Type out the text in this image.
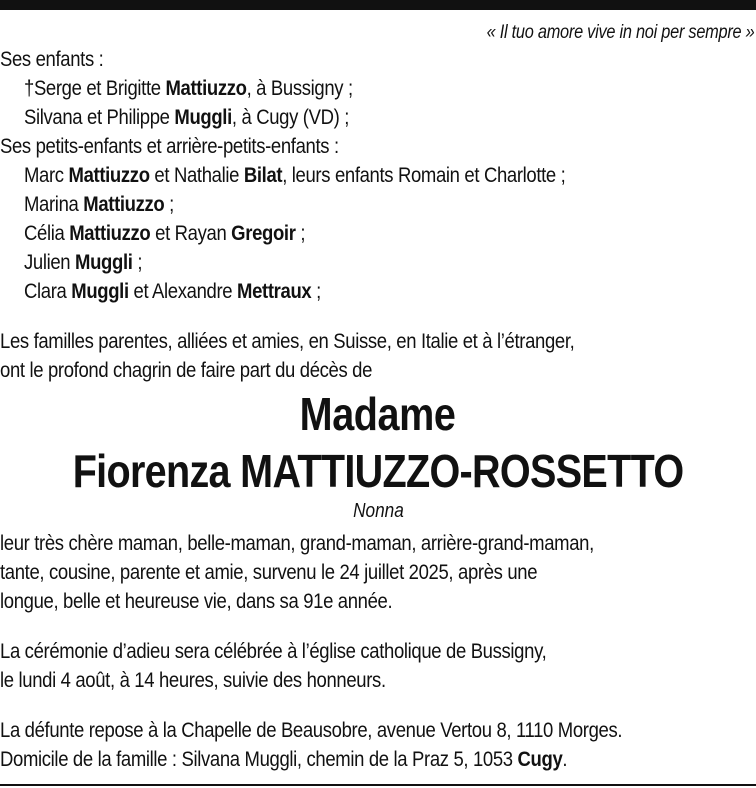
« Il tuo amore vive in noi per sempre »
Ses enfants :
†Serge et Brigitte Mattiuzzo, à Bussigny ;
Silvana et Philippe Muggli, à Cugy (VD) ;
Ses petits-enfants et arrière-petits-enfants :
Marc Mattiuzzo et Nathalie Bilat, leurs enfants Romain et Charlotte ;
Marina Mattiuzzo ;
Célia Mattiuzzo et Rayan Gregoir ;
Julien Muggli ;
Clara Muggli et Alexandre Mettraux ;
Les familles parentes, alliées et amies, en Suisse, en Italie et à l’étranger,
ont le profond chagrin de faire part du décès de
Madame
Fiorenza MATTIUZZO-ROSSETTO
Nonna
leur très chère maman, belle-maman, grand-maman, arrière-grand-maman,
tante, cousine, parente et amie, survenu le 24 juillet 2025, après une
longue, belle et heureuse vie, dans sa 91e année.
La cérémonie d’adieu sera célébrée à l’église catholique de Bussigny,
le lundi 4 août, à 14 heures, suivie des honneurs.
La défunte repose à la Chapelle de Beausobre, avenue Vertou 8, 1110 Morges.
Domicile de la famille : Silvana Muggli, chemin de la Praz 5, 1053 Cugy.
